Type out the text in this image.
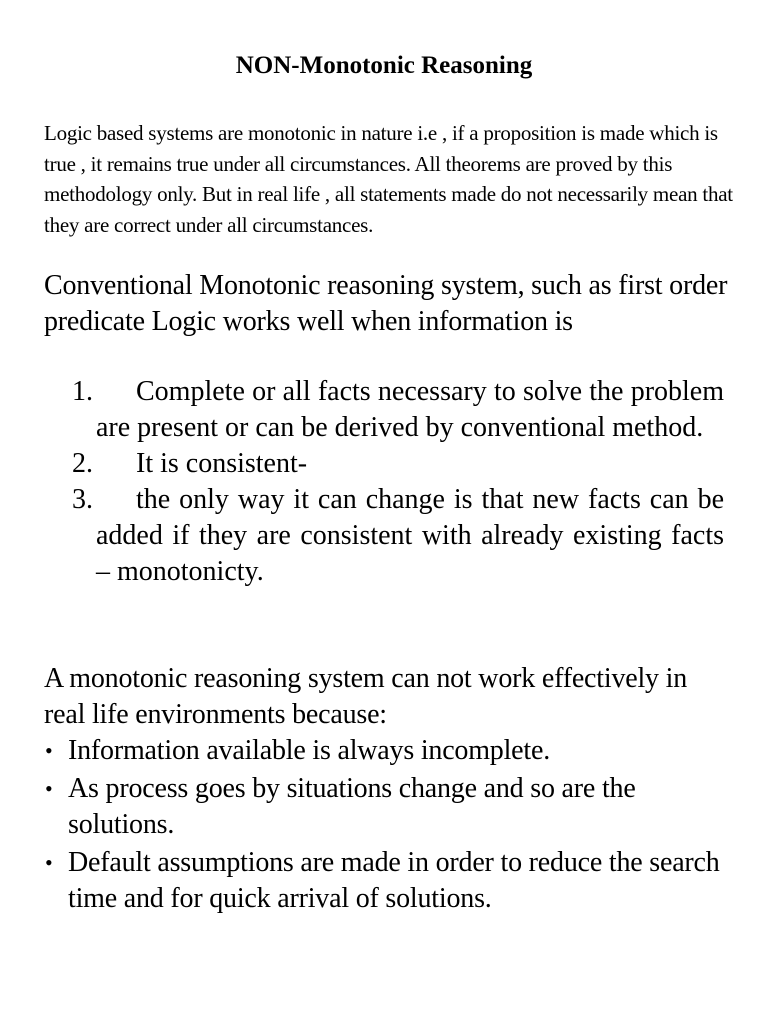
NON-Monotonic Reasoning

Logic based systems are monotonic in nature i.e , if a proposition is made which is true , it remains true under all circumstances. All theorems are proved by this methodology only. But in real life , all statements made do not necessarily mean that they are correct under all circumstances.

Conventional Monotonic reasoning system, such as first order predicate Logic works well when information is

1. Complete or all facts necessary to solve the problem are present or can be derived by conventional method.
2. It is consistent-
3. the only way it can change is that new facts can be added if they are consistent with already existing facts – monotonicty.

A monotonic reasoning system can not work effectively in real life environments because:

• Information available is always incomplete.
• As process goes by situations change and so are the solutions.
• Default assumptions are made in order to reduce the search time and for quick arrival of solutions.
